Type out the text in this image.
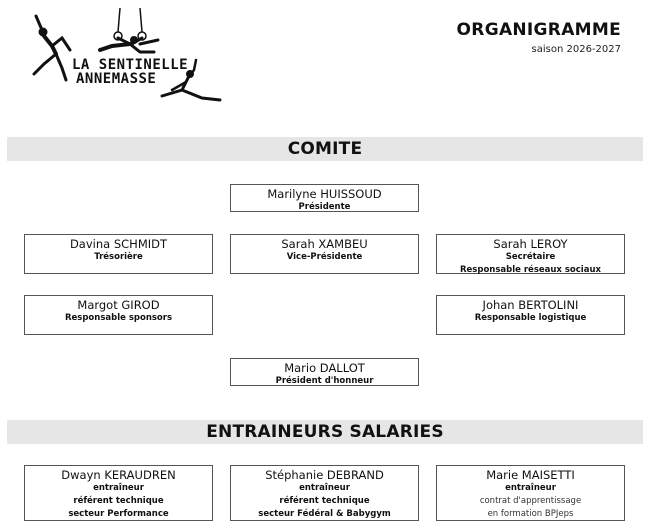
LA SENTINELLE
ANNEMASSE
ORGANIGRAMME
saison 2026-2027
COMITE
Marilyne HUISSOUD
Présidente
Davina SCHMIDT
Trésorière
Sarah XAMBEU
Vice-Présidente
Sarah LEROY
Secrétaire
Responsable réseaux sociaux
Margot GIROD
Responsable sponsors
Johan BERTOLINI
Responsable logistique
Mario DALLOT
Président d'honneur
ENTRAINEURS SALARIES
Dwayn KERAUDREN
entraîneur
référent technique
secteur Performance
Stéphanie DEBRAND
entraîneur
référent technique
secteur Fédéral & Babygym
Marie MAISETTI
entraîneur
contrat d'apprentissage
en formation BPJeps
